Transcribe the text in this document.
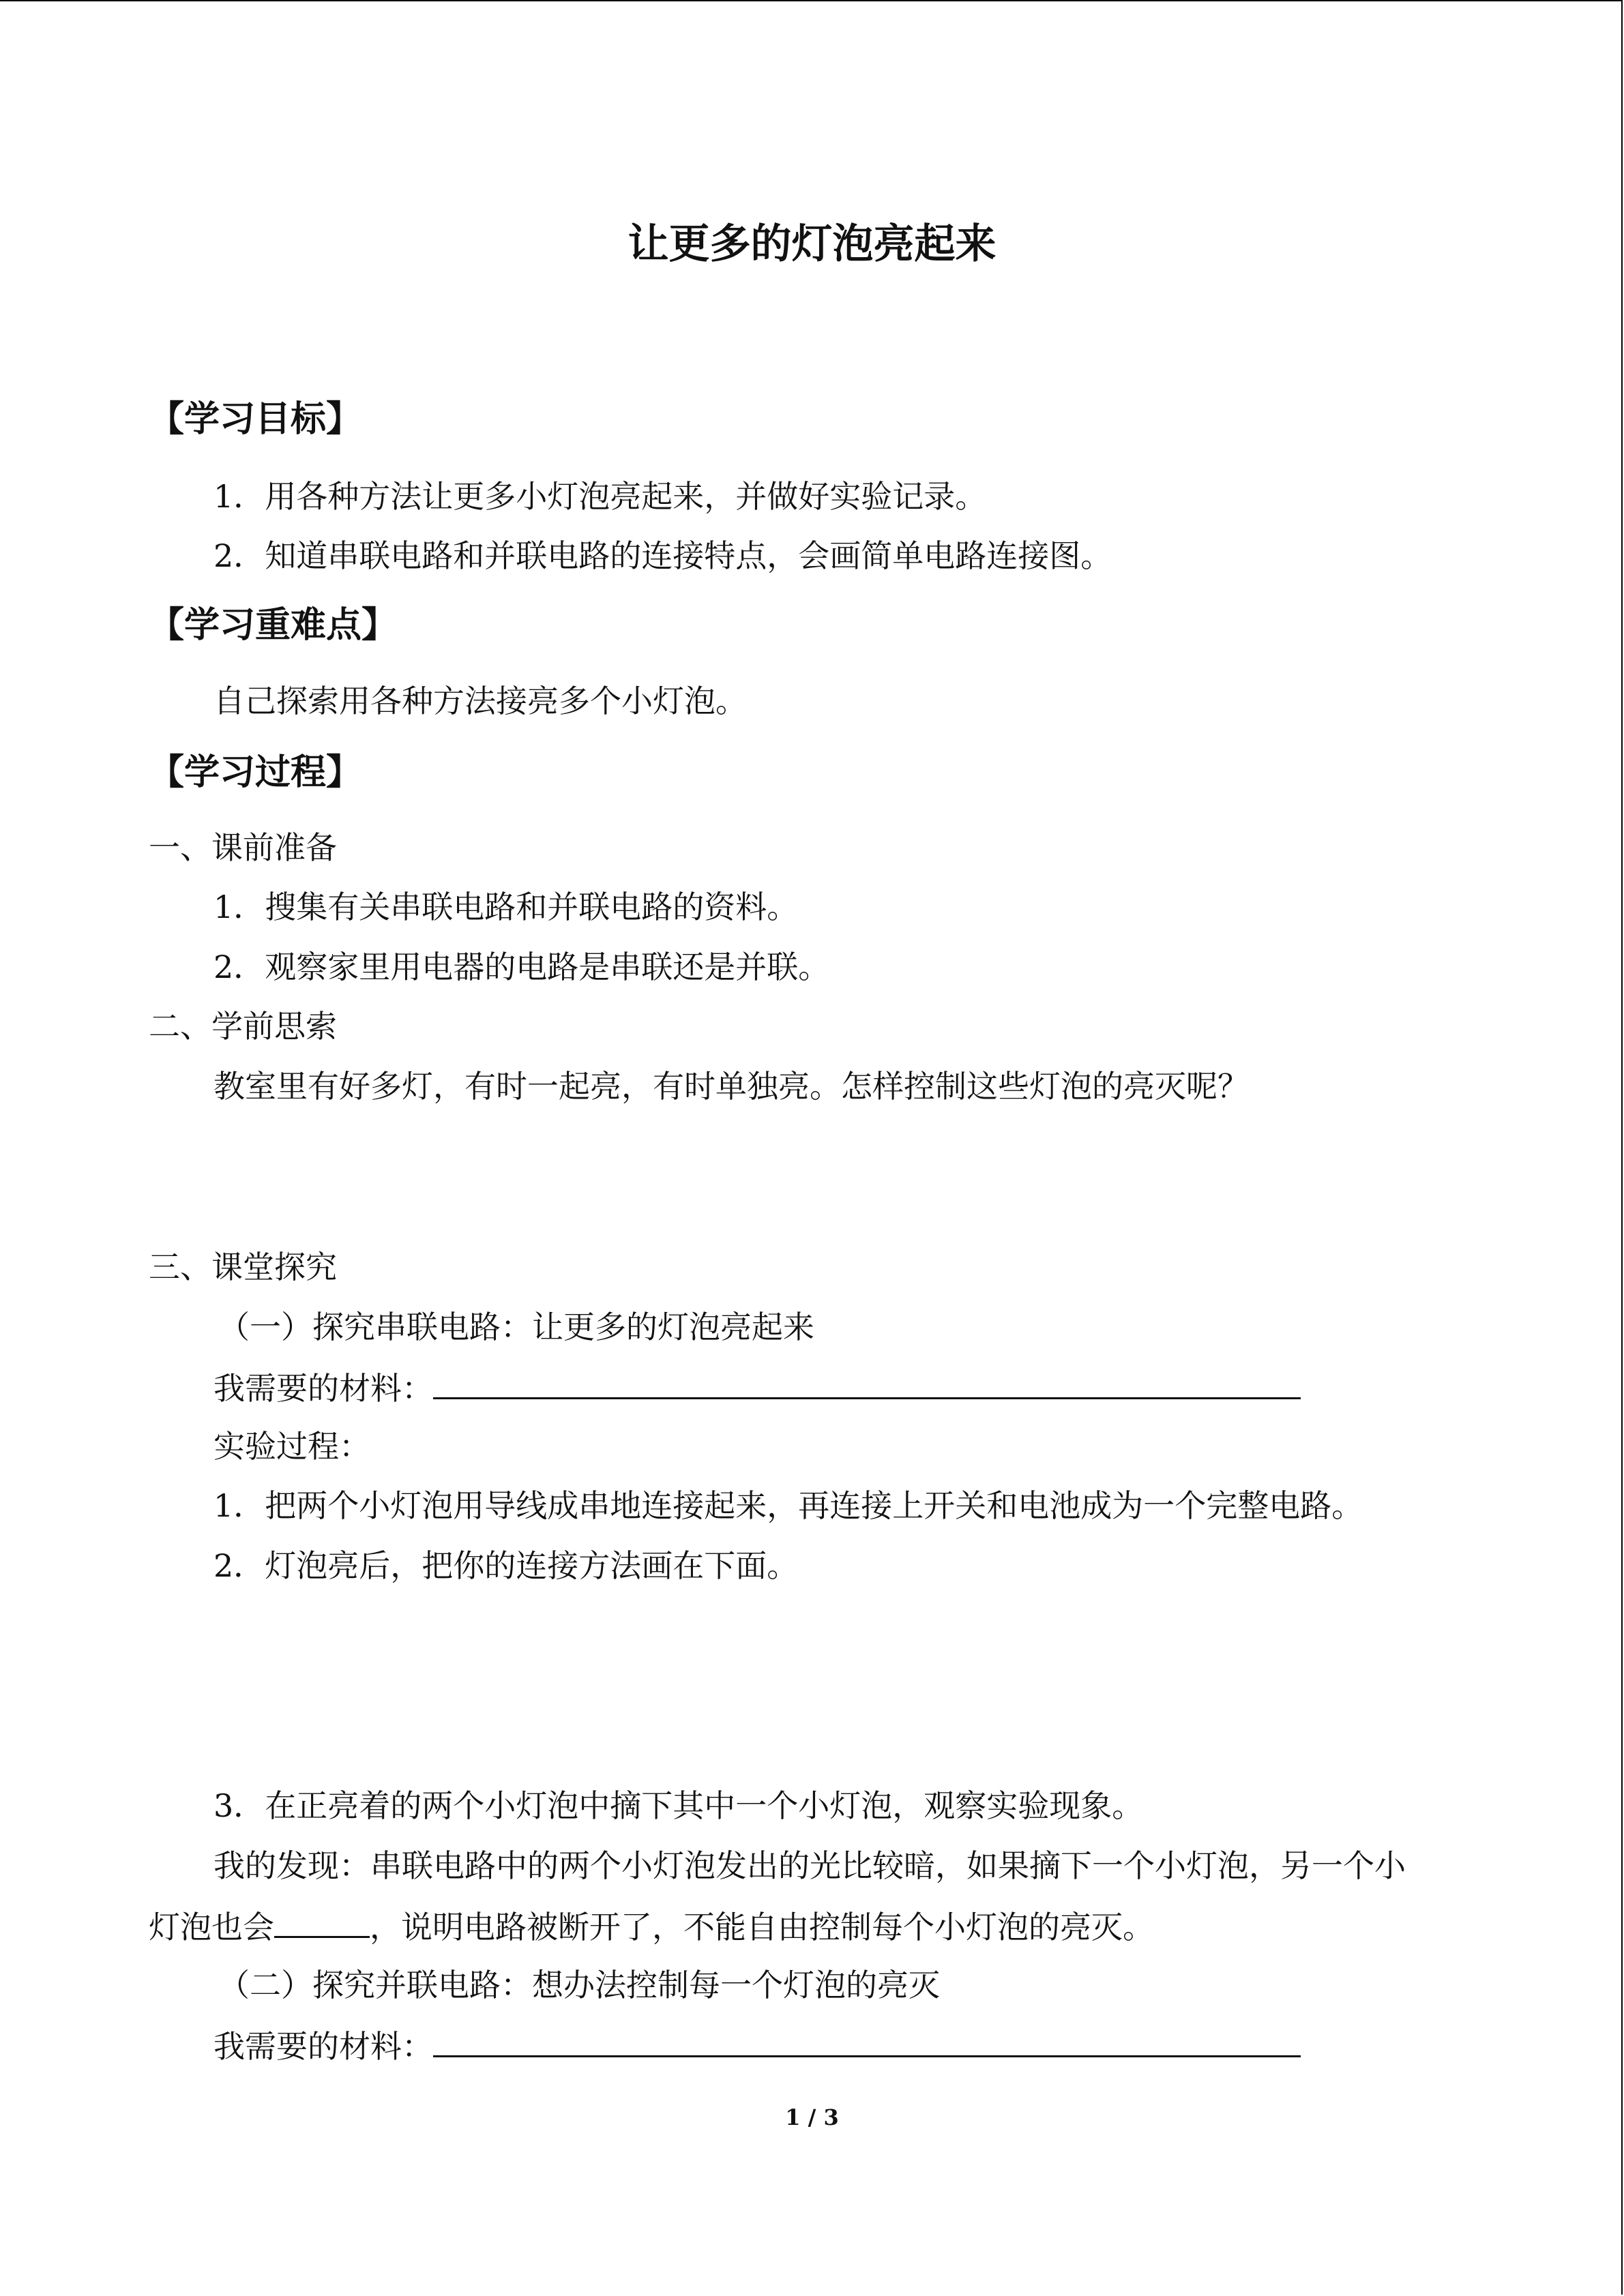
让更多的灯泡亮起来
【学习目标】
1．用各种方法让更多小灯泡亮起来，并做好实验记录。
2．知道串联电路和并联电路的连接特点，会画简单电路连接图。
【学习重难点】
自己探索用各种方法接亮多个小灯泡。
【学习过程】
一、课前准备
1．搜集有关串联电路和并联电路的资料。
2．观察家里用电器的电路是串联还是并联。
二、学前思索
教室里有好多灯，有时一起亮，有时单独亮。怎样控制这些灯泡的亮灭呢？
三、课堂探究
（一）探究串联电路：让更多的灯泡亮起来
我需要的材料：
实验过程：
1．把两个小灯泡用导线成串地连接起来，再连接上开关和电池成为一个完整电路。
2．灯泡亮后，把你的连接方法画在下面。
3．在正亮着的两个小灯泡中摘下其中一个小灯泡，观察实验现象。
我的发现：串联电路中的两个小灯泡发出的光比较暗，如果摘下一个小灯泡，另一个小
灯泡也会	，说明电路被断开了，不能自由控制每个小灯泡的亮灭。
（二）探究并联电路：想办法控制每一个灯泡的亮灭
我需要的材料：
1 / 3
